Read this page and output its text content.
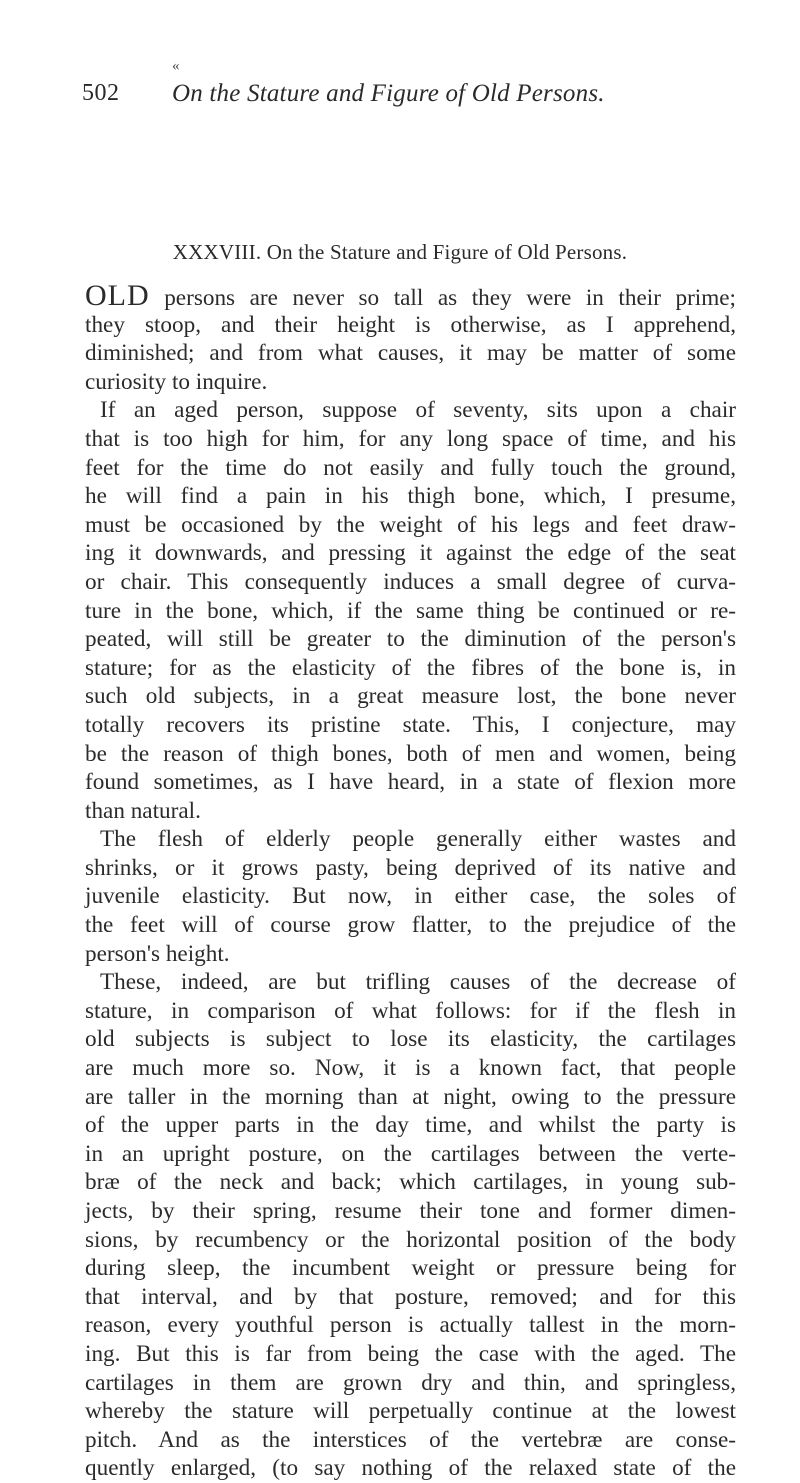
«
502 On the Stature and Figure of Old Persons.
XXXVIII. On the Stature and Figure of Old Persons.
OLD persons are never so tall as they were in their prime;
they stoop, and their height is otherwise, as I apprehend,
diminished; and from what causes, it may be matter of some
curiosity to inquire.
If an aged person, suppose of seventy, sits upon a chair
that is too high for him, for any long space of time, and his
feet for the time do not easily and fully touch the ground,
he will find a pain in his thigh bone, which, I presume,
must be occasioned by the weight of his legs and feet draw-
ing it downwards, and pressing it against the edge of the seat
or chair. This consequently induces a small degree of curva-
ture in the bone, which, if the same thing be continued or re-
peated, will still be greater to the diminution of the person's
stature; for as the elasticity of the fibres of the bone is, in
such old subjects, in a great measure lost, the bone never
totally recovers its pristine state. This, I conjecture, may
be the reason of thigh bones, both of men and women, being
found sometimes, as I have heard, in a state of flexion more
than natural.
The flesh of elderly people generally either wastes and
shrinks, or it grows pasty, being deprived of its native and
juvenile elasticity. But now, in either case, the soles of
the feet will of course grow flatter, to the prejudice of the
person's height.
These, indeed, are but trifling causes of the decrease of
stature, in comparison of what follows: for if the flesh in
old subjects is subject to lose its elasticity, the cartilages
are much more so. Now, it is a known fact, that people
are taller in the morning than at night, owing to the pressure
of the upper parts in the day time, and whilst the party is
in an upright posture, on the cartilages between the verte-
bræ of the neck and back; which cartilages, in young sub-
jects, by their spring, resume their tone and former dimen-
sions, by recumbency or the horizontal position of the body
during sleep, the incumbent weight or pressure being for
that interval, and by that posture, removed; and for this
reason, every youthful person is actually tallest in the morn-
ing. But this is far from being the case with the aged. The
cartilages in them are grown dry and thin, and springless,
whereby the stature will perpetually continue at the lowest
pitch. And as the interstices of the vertebræ are conse-
quently enlarged, (to say nothing of the relaxed state of the
